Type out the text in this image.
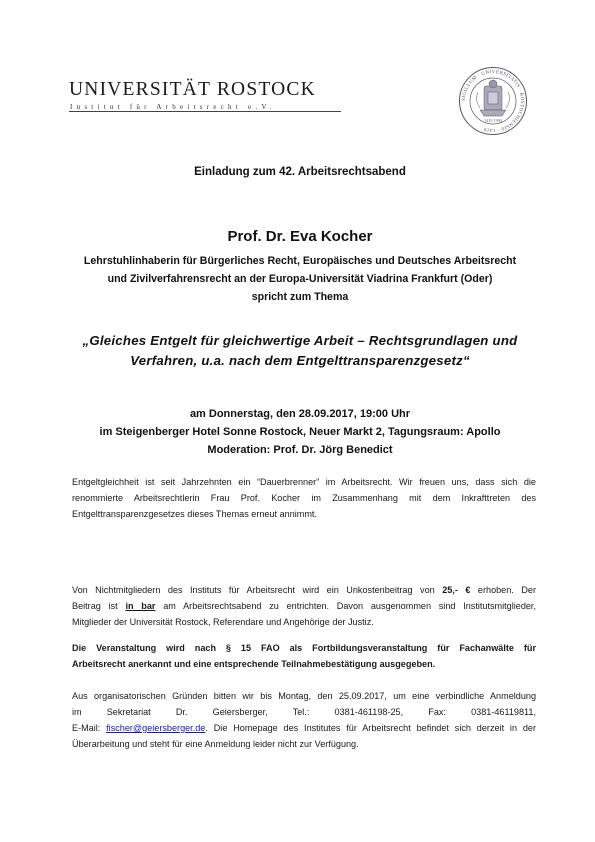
UNIVERSITÄT ROSTOCK
Institut für Arbeitsrecht e.V.
SIGILLUM · UNIVERSITATIS · ROSTOCHIENSIS · 1419
1419 1994
Einladung zum 42. Arbeitsrechtsabend
Prof. Dr. Eva Kocher
Lehrstuhlinhaberin für Bürgerliches Recht, Europäisches und Deutsches Arbeitsrecht
und Zivilverfahrensrecht an der Europa-Universität Viadrina Frankfurt (Oder)
spricht zum Thema
„Gleiches Entgelt für gleichwertige Arbeit – Rechtsgrundlagen und
Verfahren, u.a. nach dem Entgelttransparenzgesetz“
am Donnerstag, den 28.09.2017, 19:00 Uhr
im Steigenberger Hotel Sonne Rostock, Neuer Markt 2, Tagungsraum: Apollo
Moderation: Prof. Dr. Jörg Benedict
Entgeltgleichheit ist seit Jahrzehnten ein “Dauerbrenner” im Arbeitsrecht. Wir freuen uns, dass sich die
renommierte Arbeitsrechtlerin Frau Prof. Kocher im Zusammenhang mit dem Inkrafttreten des
Entgelttransparenzgesetzes dieses Themas erneut annimmt.
Von Nichtmitgliedern des Instituts für Arbeitsrecht wird ein Unkostenbeitrag von 25,- € erhoben. Der
Beitrag ist in bar am Arbeitsrechtsabend zu entrichten. Davon ausgenommen sind Institutsmitglieder,
Mitglieder der Universität Rostock, Referendare und Angehörige der Justiz.
Die Veranstaltung wird nach § 15 FAO als Fortbildungsveranstaltung für Fachanwälte für
Arbeitsrecht anerkannt und eine entsprechende Teilnahmebestätigung ausgegeben.
Aus organisatorischen Gründen bitten wir bis Montag, den 25.09.2017, um eine verbindliche Anmeldung
im Sekretariat Dr. Geiersberger, Tel.: 0381-461198-25, Fax: 0381-46119811,
E-Mail: fischer@geiersberger.de. Die Homepage des Institutes für Arbeitsrecht befindet sich derzeit in der
Überarbeitung und steht für eine Anmeldung leider nicht zur Verfügung.
